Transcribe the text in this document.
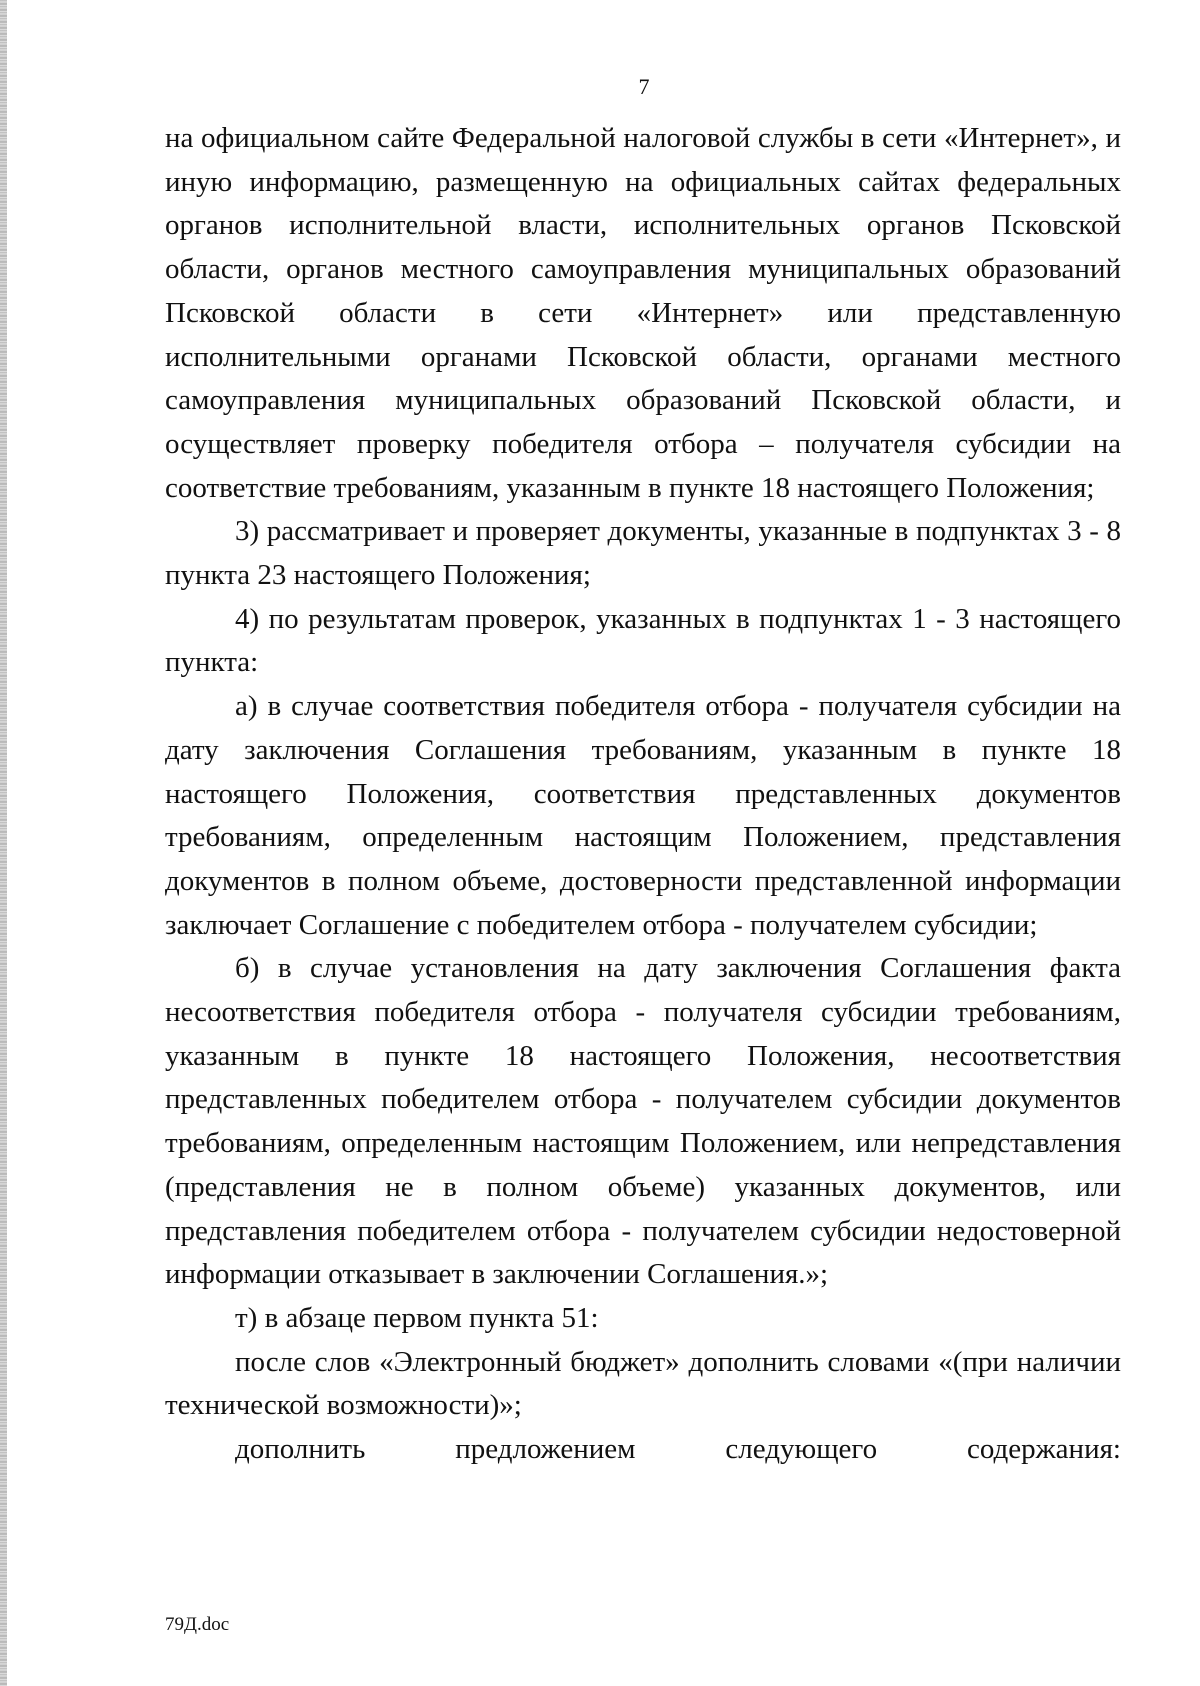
7

на официальном сайте Федеральной налоговой службы в сети «Интернет», и иную информацию, размещенную на официальных сайтах федеральных органов исполнительной власти, исполнительных органов Псковской области, органов местного самоуправления муниципальных образований Псковской области в сети «Интернет» или представленную исполнительными органами Псковской области, органами местного самоуправления муниципальных образований Псковской области, и осуществляет проверку победителя отбора – получателя субсидии на соответствие требованиям, указанным в пункте 18 настоящего Положения;

3) рассматривает и проверяет документы, указанные в подпунктах 3 - 8 пункта 23 настоящего Положения;

4) по результатам проверок, указанных в подпунктах 1 - 3 настоящего пункта:

а) в случае соответствия победителя отбора - получателя субсидии на дату заключения Соглашения требованиям, указанным в пункте 18 настоящего Положения, соответствия представленных документов требованиям, определенным настоящим Положением, представления документов в полном объеме, достоверности представленной информации заключает Соглашение с победителем отбора - получателем субсидии;

б) в случае установления на дату заключения Соглашения факта несоответствия победителя отбора - получателя субсидии требованиям, указанным в пункте 18 настоящего Положения, несоответствия представленных победителем отбора - получателем субсидии документов требованиям, определенным настоящим Положением, или непредставления (представления не в полном объеме) указанных документов, или представления победителем отбора - получателем субсидии недостоверной информации отказывает в заключении Соглашения.»;

т) в абзаце первом пункта 51:

после слов «Электронный бюджет» дополнить словами «(при наличии технической возможности)»;

дополнить предложением следующего содержания:

79Д.doc
